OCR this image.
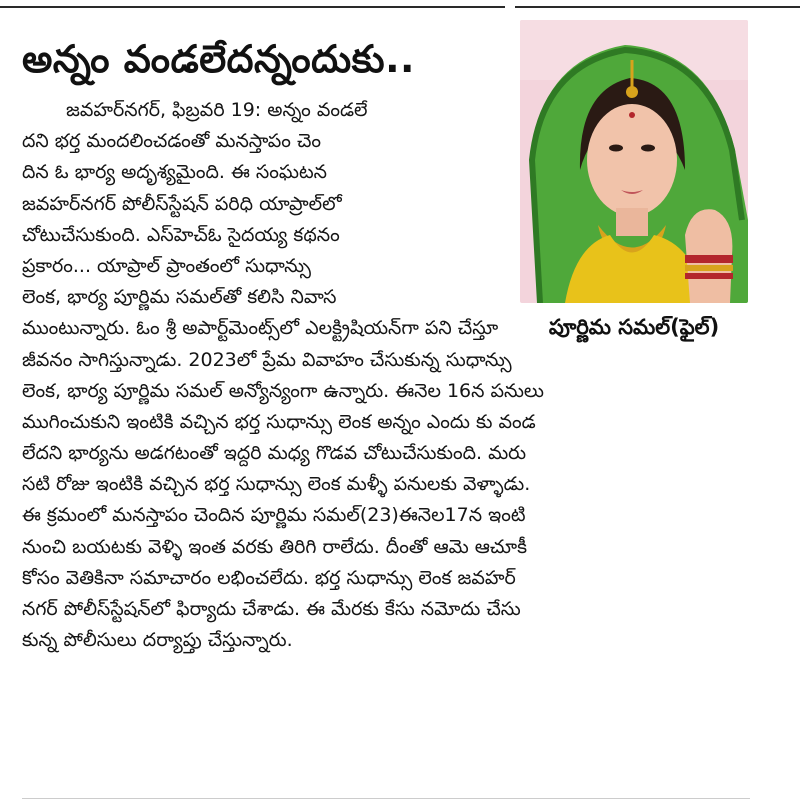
అన్నం వండలేదన్నందుకు..
పూర్ణిమ సమల్(ఫైల్)
జవహర్‌నగర్, ఫిబ్రవరి 19: అన్నం వండలే
దని భర్త మందలించడంతో మనస్తాపం చెం
దిన ఓ భార్య అదృశ్యమైంది. ఈ సంఘటన
జవహర్‌నగర్ పోలీస్‌స్టేషన్ పరిధి యాప్రాల్‌లో
చోటుచేసుకుంది. ఎస్‌హెచ్‌ఓ సైదయ్య కథనం
ప్రకారం... యాప్రాల్ ప్రాంతంలో సుధాన్సు
లెంక, భార్య పూర్ణిమ సమల్‌తో కలిసి నివాస
ముంటున్నారు. ఓం శ్రీ అపార్ట్‌మెంట్స్‌లో ఎలక్ట్రిషియన్‌గా పని చేస్తూ
జీవనం సాగిస్తున్నాడు. 2023లో ప్రేమ వివాహం చేసుకున్న సుధాన్సు
లెంక, భార్య పూర్ణిమ సమల్ అన్యోన్యంగా ఉన్నారు. ఈనెల 16న పనులు
ముగించుకుని ఇంటికి వచ్చిన భర్త సుధాన్సు లెంక అన్నం ఎందు కు వండ
లేదని భార్యను అడగటంతో ఇద్దరి మధ్య గొడవ చోటుచేసుకుంది. మరు
సటి రోజు ఇంటికి వచ్చిన భర్త సుధాన్సు లెంక మళ్ళీ పనులకు వెళ్ళాడు.
ఈ క్రమంలో మనస్తాపం చెందిన పూర్ణిమ సమల్(23)ఈనెల17న ఇంటి
నుంచి బయటకు వెళ్ళి ఇంత వరకు తిరిగి రాలేదు. దీంతో ఆమె ఆచూకీ
కోసం వెతికినా సమాచారం లభించలేదు. భర్త సుధాన్సు లెంక జవహర్
నగర్ పోలీస్‌స్టేషన్‌లో ఫిర్యాదు చేశాడు. ఈ మేరకు కేసు నమోదు చేసు
కున్న పోలీసులు దర్యాప్తు చేస్తున్నారు.
